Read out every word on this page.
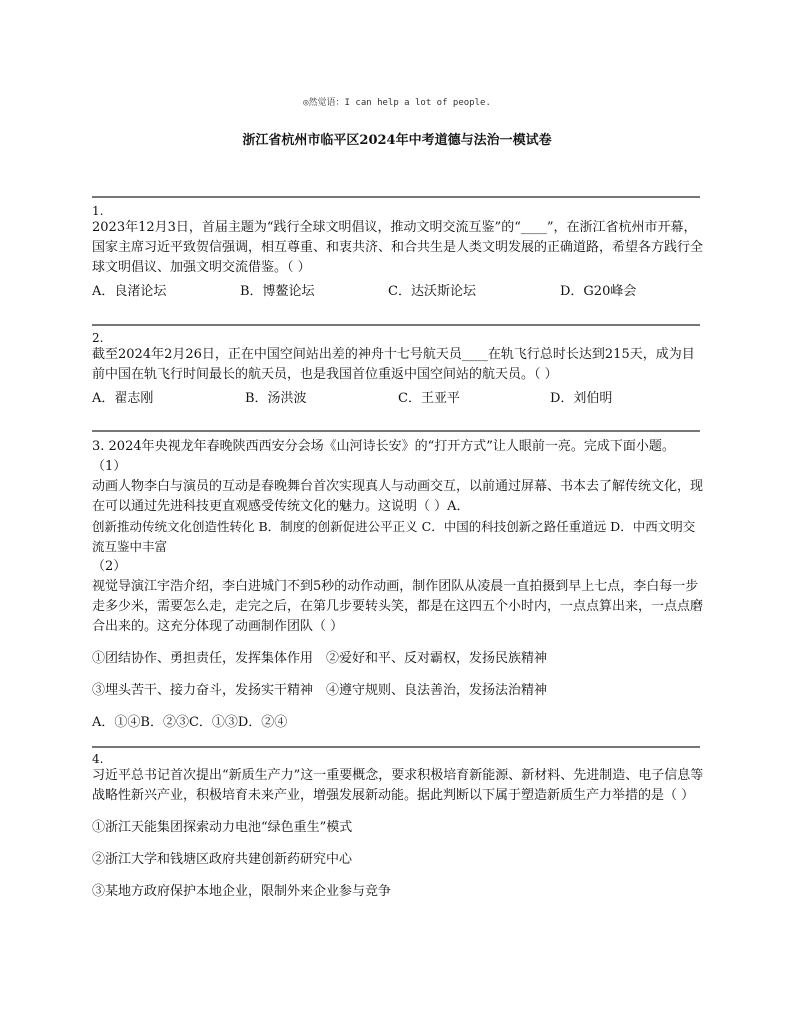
◎然觉语：I can help a lot of people.
浙江省杭州市临平区2024年中考道德与法治一模试卷
1.

2023年12月3日，首届主题为“践行全球文明倡议，推动文明交流互鉴”的“____”，在浙江省杭州市开幕，国家主席习近平致贺信强调，相互尊重、和衷共济、和合共生是人类文明发展的正确道路，希望各方践行全球文明倡议、加强文明交流借鉴。（ ）

A．良渚论坛	B．博鳌论坛	C．达沃斯论坛	D．G20峰会
2.

截至2024年2月26日，正在中国空间站出差的神舟十七号航天员____在轨飞行总时长达到215天，成为目前中国在轨飞行时间最长的航天员，也是我国首位重返中国空间站的航天员。（ ）

A．翟志刚	B．汤洪波	C．王亚平	D．刘伯明

3. 2024年央视龙年春晚陕西西安分会场《山河诗长安》的“打开方式”让人眼前一亮。完成下面小题。

（1）

动画人物李白与演员的互动是春晚舞台首次实现真人与动画交互，以前通过屏幕、书本去了解传统文化，现在可以通过先进科技更直观感受传统文化的魅力。这说明（ ）A．

创新推动传统文化创造性转化 B．制度的创新促进公平正义 C．中国的科技创新之路任重道远 D．中西文明交流互鉴中丰富

（2）

视觉导演江宇浩介绍，李白进城门不到5秒的动作动画，制作团队从凌晨一直拍摄到早上七点，李白每一步走多少米，需要怎么走，走完之后，在第几步要转头笑，都是在这四五个小时内，一点点算出来，一点点磨合出来的。这充分体现了动画制作团队（ ）

①团结协作、勇担责任，发挥集体作用　②爱好和平、反对霸权，发扬民族精神

③埋头苦干、接力奋斗，发扬实干精神　④遵守规则、良法善治，发扬法治精神

A．①④B．②③C．①③D．②④

4.

习近平总书记首次提出“新质生产力”这一重要概念，要求积极培育新能源、新材料、先进制造、电子信息等战略性新兴产业，积极培育未来产业，增强发展新动能。据此判断以下属于塑造新质生产力举措的是（ ）

①浙江天能集团探索动力电池“绿色重生”模式

②浙江大学和钱塘区政府共建创新药研究中心

③某地方政府保护本地企业，限制外来企业参与竞争
